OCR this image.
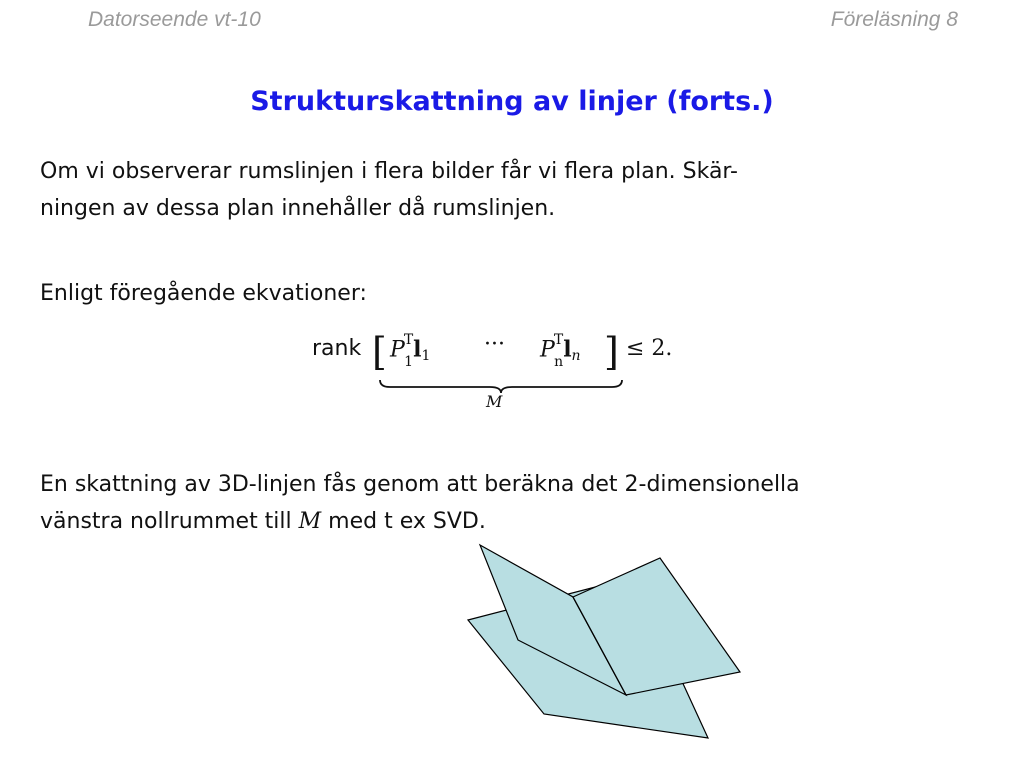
Datorseende vt-10	Föreläsning 8
Strukturskattning av linjer (forts.)
Om vi observerar rumslinjen i flera bilder får vi flera plan. Skär-
ningen av dessa plan innehåller då rumslinjen.
Enligt föregående ekvationer:
rank [ $P^T_1l1$ ··· $P^T_n\ln$ ] ≤ 2.
M
En skattning av 3D-linjen fås genom att beräkna det 2-dimensionella
vänstra nollrummet till M med t ex SVD.
